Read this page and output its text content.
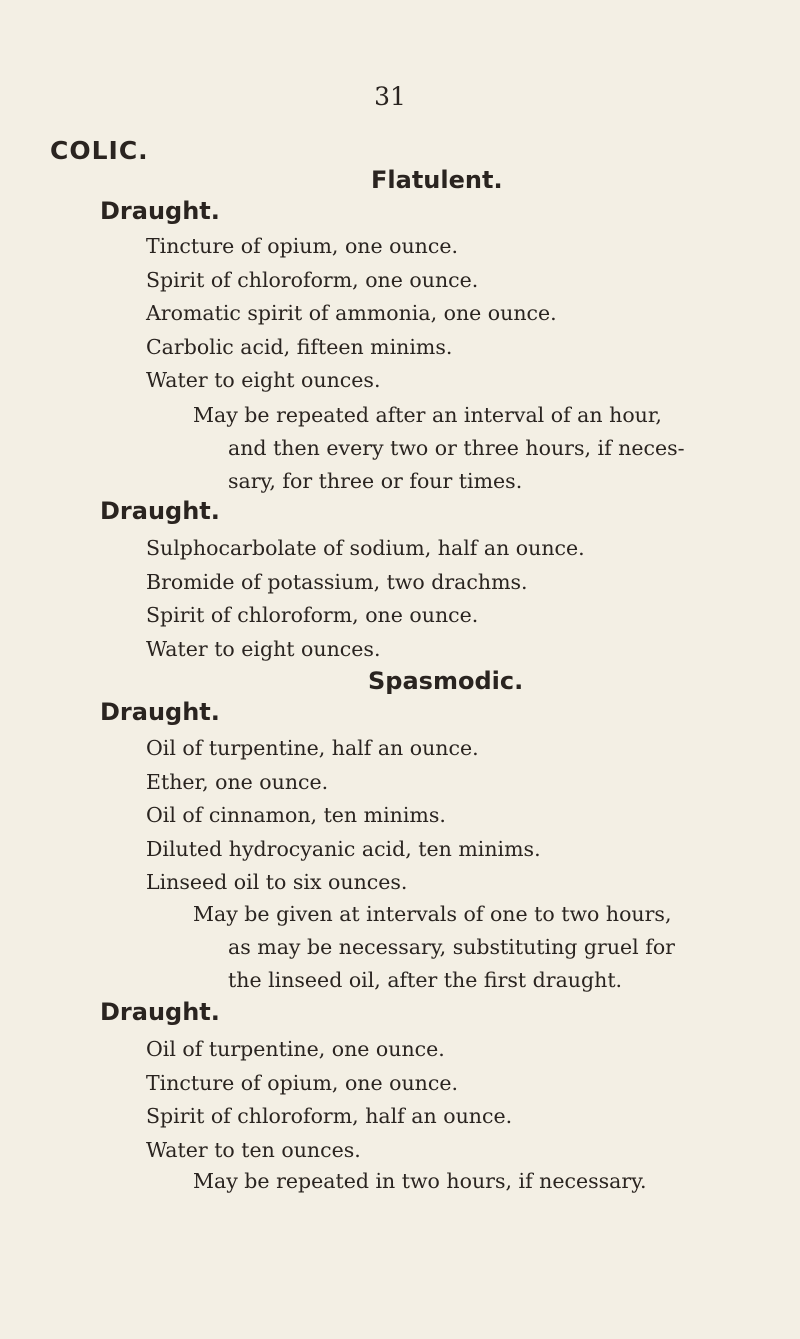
31
COLIC.
Flatulent.
Draught.
Tincture of opium, one ounce.
Spirit of chloroform, one ounce.
Aromatic spirit of ammonia, one ounce.
Carbolic acid, fifteen minims.
Water to eight ounces.
May be repeated after an interval of an hour,
and then every two or three hours, if neces-
sary, for three or four times.
Draught.
Sulphocarbolate of sodium, half an ounce.
Bromide of potassium, two drachms.
Spirit of chloroform, one ounce.
Water to eight ounces.
Spasmodic.
Draught.
Oil of turpentine, half an ounce.
Ether, one ounce.
Oil of cinnamon, ten minims.
Diluted hydrocyanic acid, ten minims.
Linseed oil to six ounces.
May be given at intervals of one to two hours,
as may be necessary, substituting gruel for
the linseed oil, after the first draught.
Draught.
Oil of turpentine, one ounce.
Tincture of opium, one ounce.
Spirit of chloroform, half an ounce.
Water to ten ounces.
May be repeated in two hours, if necessary.
